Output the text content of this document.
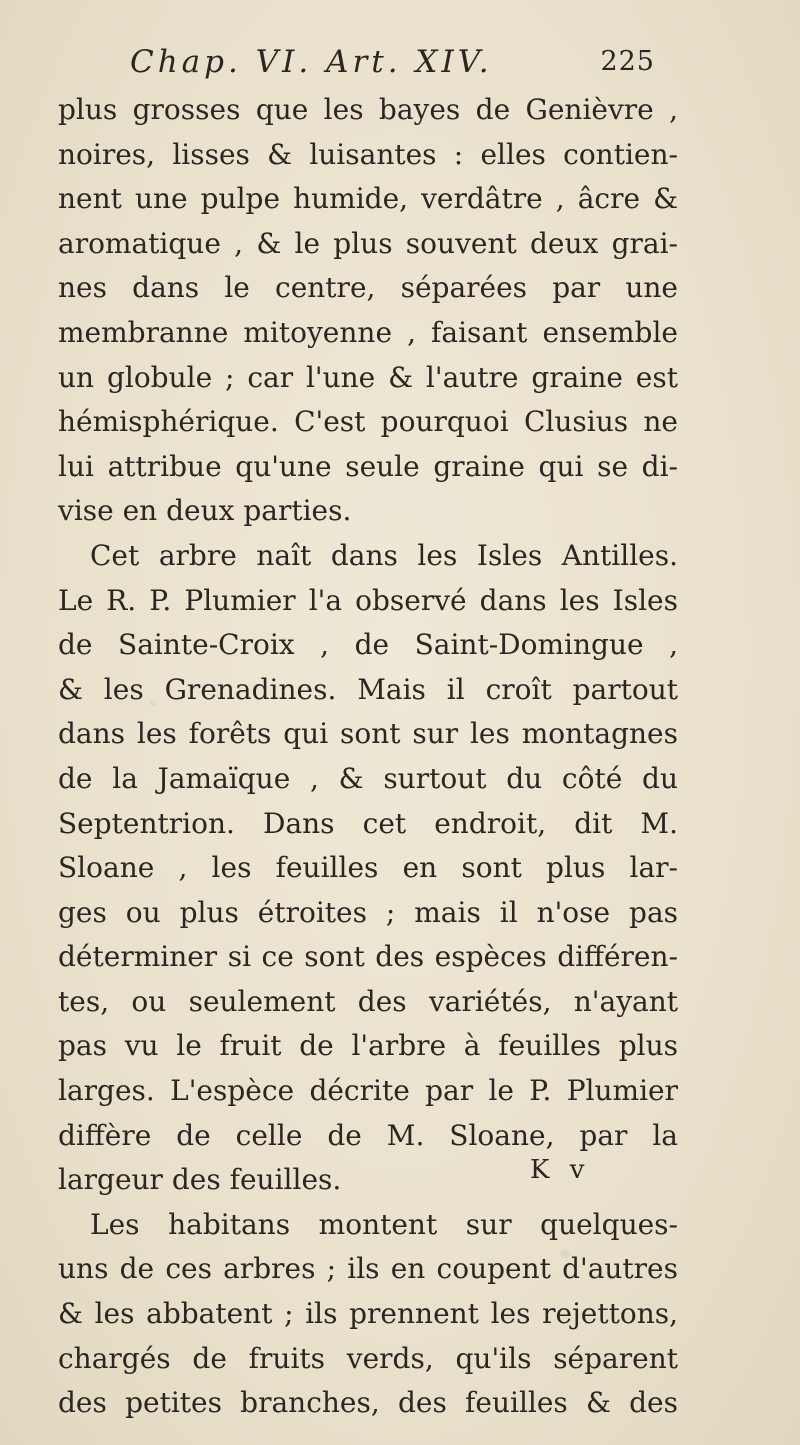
Chap. VI. Art. XIV.	225
plus grosses que les bayes de Genièvre ,
noires, lisses & luisantes : elles contien-
nent une pulpe humide, verdâtre , âcre &
aromatique , & le plus souvent deux grai-
nes dans le centre, séparées par une
membranne mitoyenne , faisant ensemble
un globule ; car l'une & l'autre graine est
hémisphérique. C'est pourquoi Clusius ne
lui attribue qu'une seule graine qui se di-
vise en deux parties.
Cet arbre naît dans les Isles Antilles.
Le R. P. Plumier l'a observé dans les Isles
de Sainte-Croix , de Saint-Domingue ,
& les Grenadines. Mais il croît partout
dans les forêts qui sont sur les montagnes
de la Jamaïque , & surtout du côté du
Septentrion. Dans cet endroit, dit M.
Sloane , les feuilles en sont plus lar-
ges ou plus étroites ; mais il n'ose pas
déterminer si ce sont des espèces différen-
tes, ou seulement des variétés, n'ayant
pas vu le fruit de l'arbre à feuilles plus
larges. L'espèce décrite par le P. Plumier
diffère de celle de M. Sloane, par la
largeur des feuilles.
Les habitans montent sur quelques-
uns de ces arbres ; ils en coupent d'autres
& les abbatent ; ils prennent les rejettons,
chargés de fruits verds, qu'ils séparent
des petites branches, des feuilles & des
K v
